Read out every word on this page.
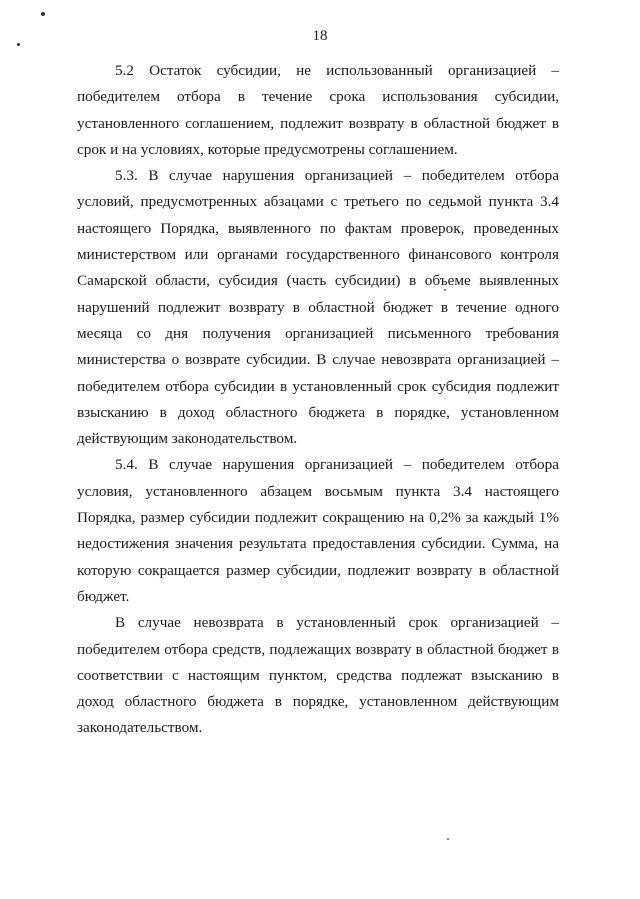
18

5.2 Остаток субсидии, не использованный организацией – победителем отбора в течение срока использования субсидии, установленного соглашением, подлежит возврату в областной бюджет в срок и на условиях, которые предусмотрены соглашением.

5.3. В случае нарушения организацией – победителем отбора условий, предусмотренных абзацами с третьего по седьмой пункта 3.4 настоящего Порядка, выявленного по фактам проверок, проведенных министерством или органами государственного финансового контроля Самарской области, субсидия (часть субсидии) в объеме выявленных нарушений подлежит возврату в областной бюджет в течение одного месяца со дня получения организацией письменного требования министерства о возврате субсидии. В случае невозврата организацией – победителем отбора субсидии в установленный срок субсидия подлежит взысканию в доход областного бюджета в порядке, установленном действующим законодательством.

5.4. В случае нарушения организацией – победителем отбора условия, установленного абзацем восьмым пункта 3.4 настоящего Порядка, размер субсидии подлежит сокращению на 0,2% за каждый 1% недостижения значения результата предоставления субсидии. Сумма, на которую сокращается размер субсидии, подлежит возврату в областной бюджет.

В случае невозврата в установленный срок организацией – победителем отбора средств, подлежащих возврату в областной бюджет в соответствии с настоящим пунктом, средства подлежат взысканию в доход областного бюджета в порядке, установленном действующим законодательством.
